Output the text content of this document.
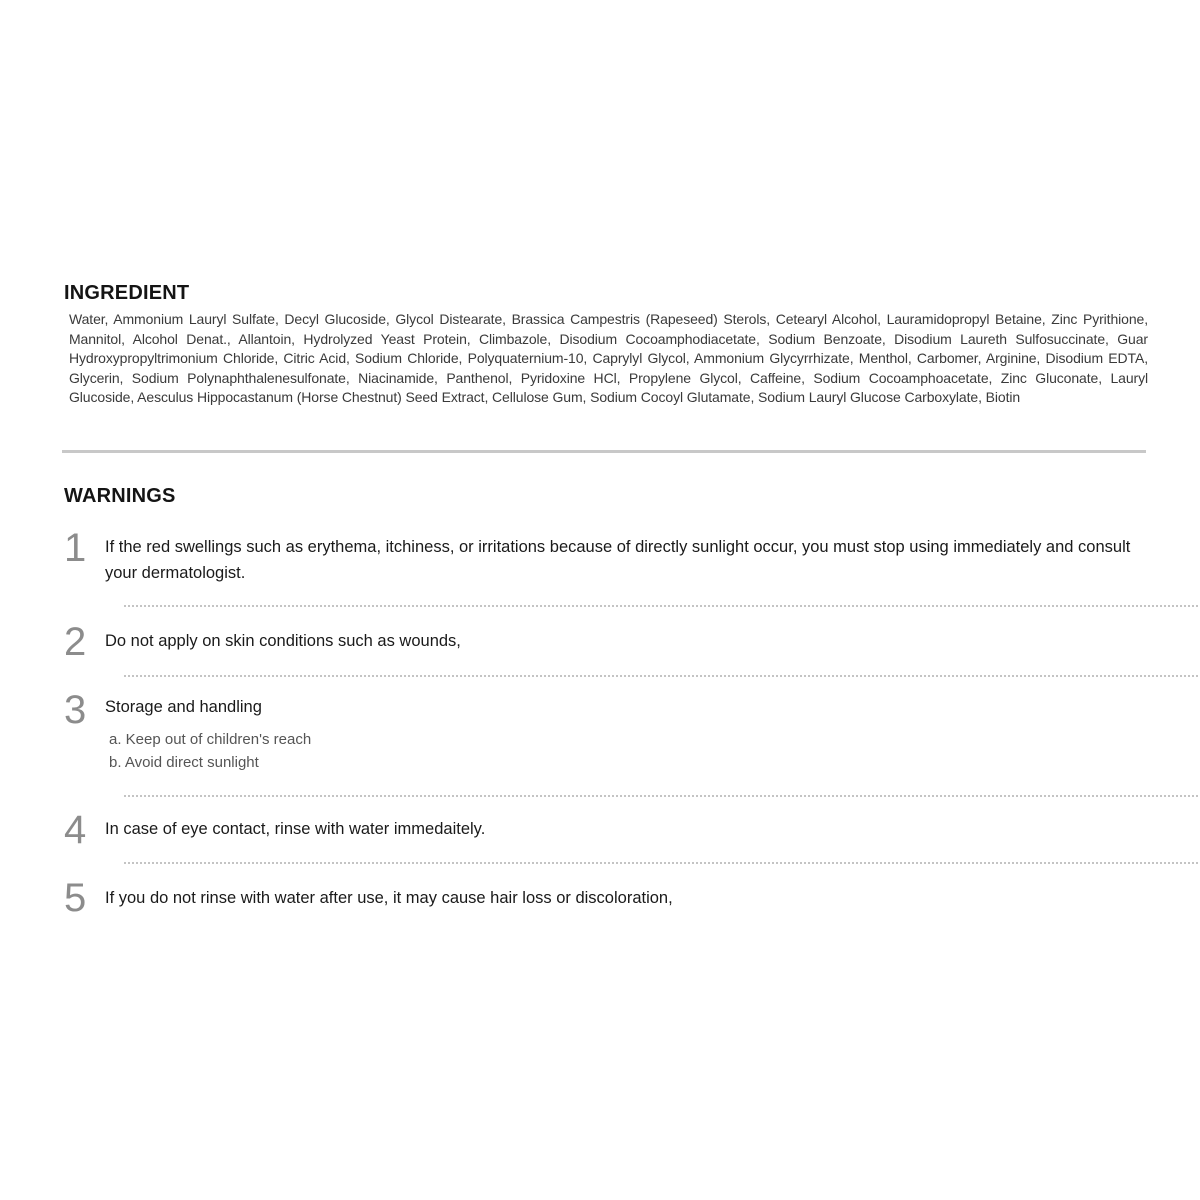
INGREDIENT

Water, Ammonium Lauryl Sulfate, Decyl Glucoside, Glycol Distearate, Brassica Campestris (Rapeseed) Sterols, Cetearyl Alcohol, Lauramidopropyl Betaine, Zinc Pyrithione, Mannitol, Alcohol Denat., Allantoin, Hydrolyzed Yeast Protein, Climbazole, Disodium Cocoamphodiacetate, Sodium Benzoate, Disodium Laureth Sulfosuccinate, Guar Hydroxypropyltrimonium Chloride, Citric Acid, Sodium Chloride, Polyquaternium-10, Caprylyl Glycol, Ammonium Glycyrrhizate, Menthol, Carbomer, Arginine, Disodium EDTA, Glycerin, Sodium Polynaphthalenesulfonate, Niacinamide, Panthenol, Pyridoxine HCl, Propylene Glycol, Caffeine, Sodium Cocoamphoacetate, Zinc Gluconate, Lauryl Glucoside, Aesculus Hippocastanum (Horse Chestnut) Seed Extract, Cellulose Gum, Sodium Cocoyl Glutamate, Sodium Lauryl Glucose Carboxylate, Biotin

WARNINGS
1 If the red swellings such as erythema, itchiness, or irritations because of directly sunlight occur, you must stop using immediately and consult your dermatologist.
2 Do not apply on skin conditions such as wounds,
3 Storage and handling
a. Keep out of children's reach
b. Avoid direct sunlight
4 In case of eye contact, rinse with water immedaitely.
5 If you do not rinse with water after use, it may cause hair loss or discoloration,
